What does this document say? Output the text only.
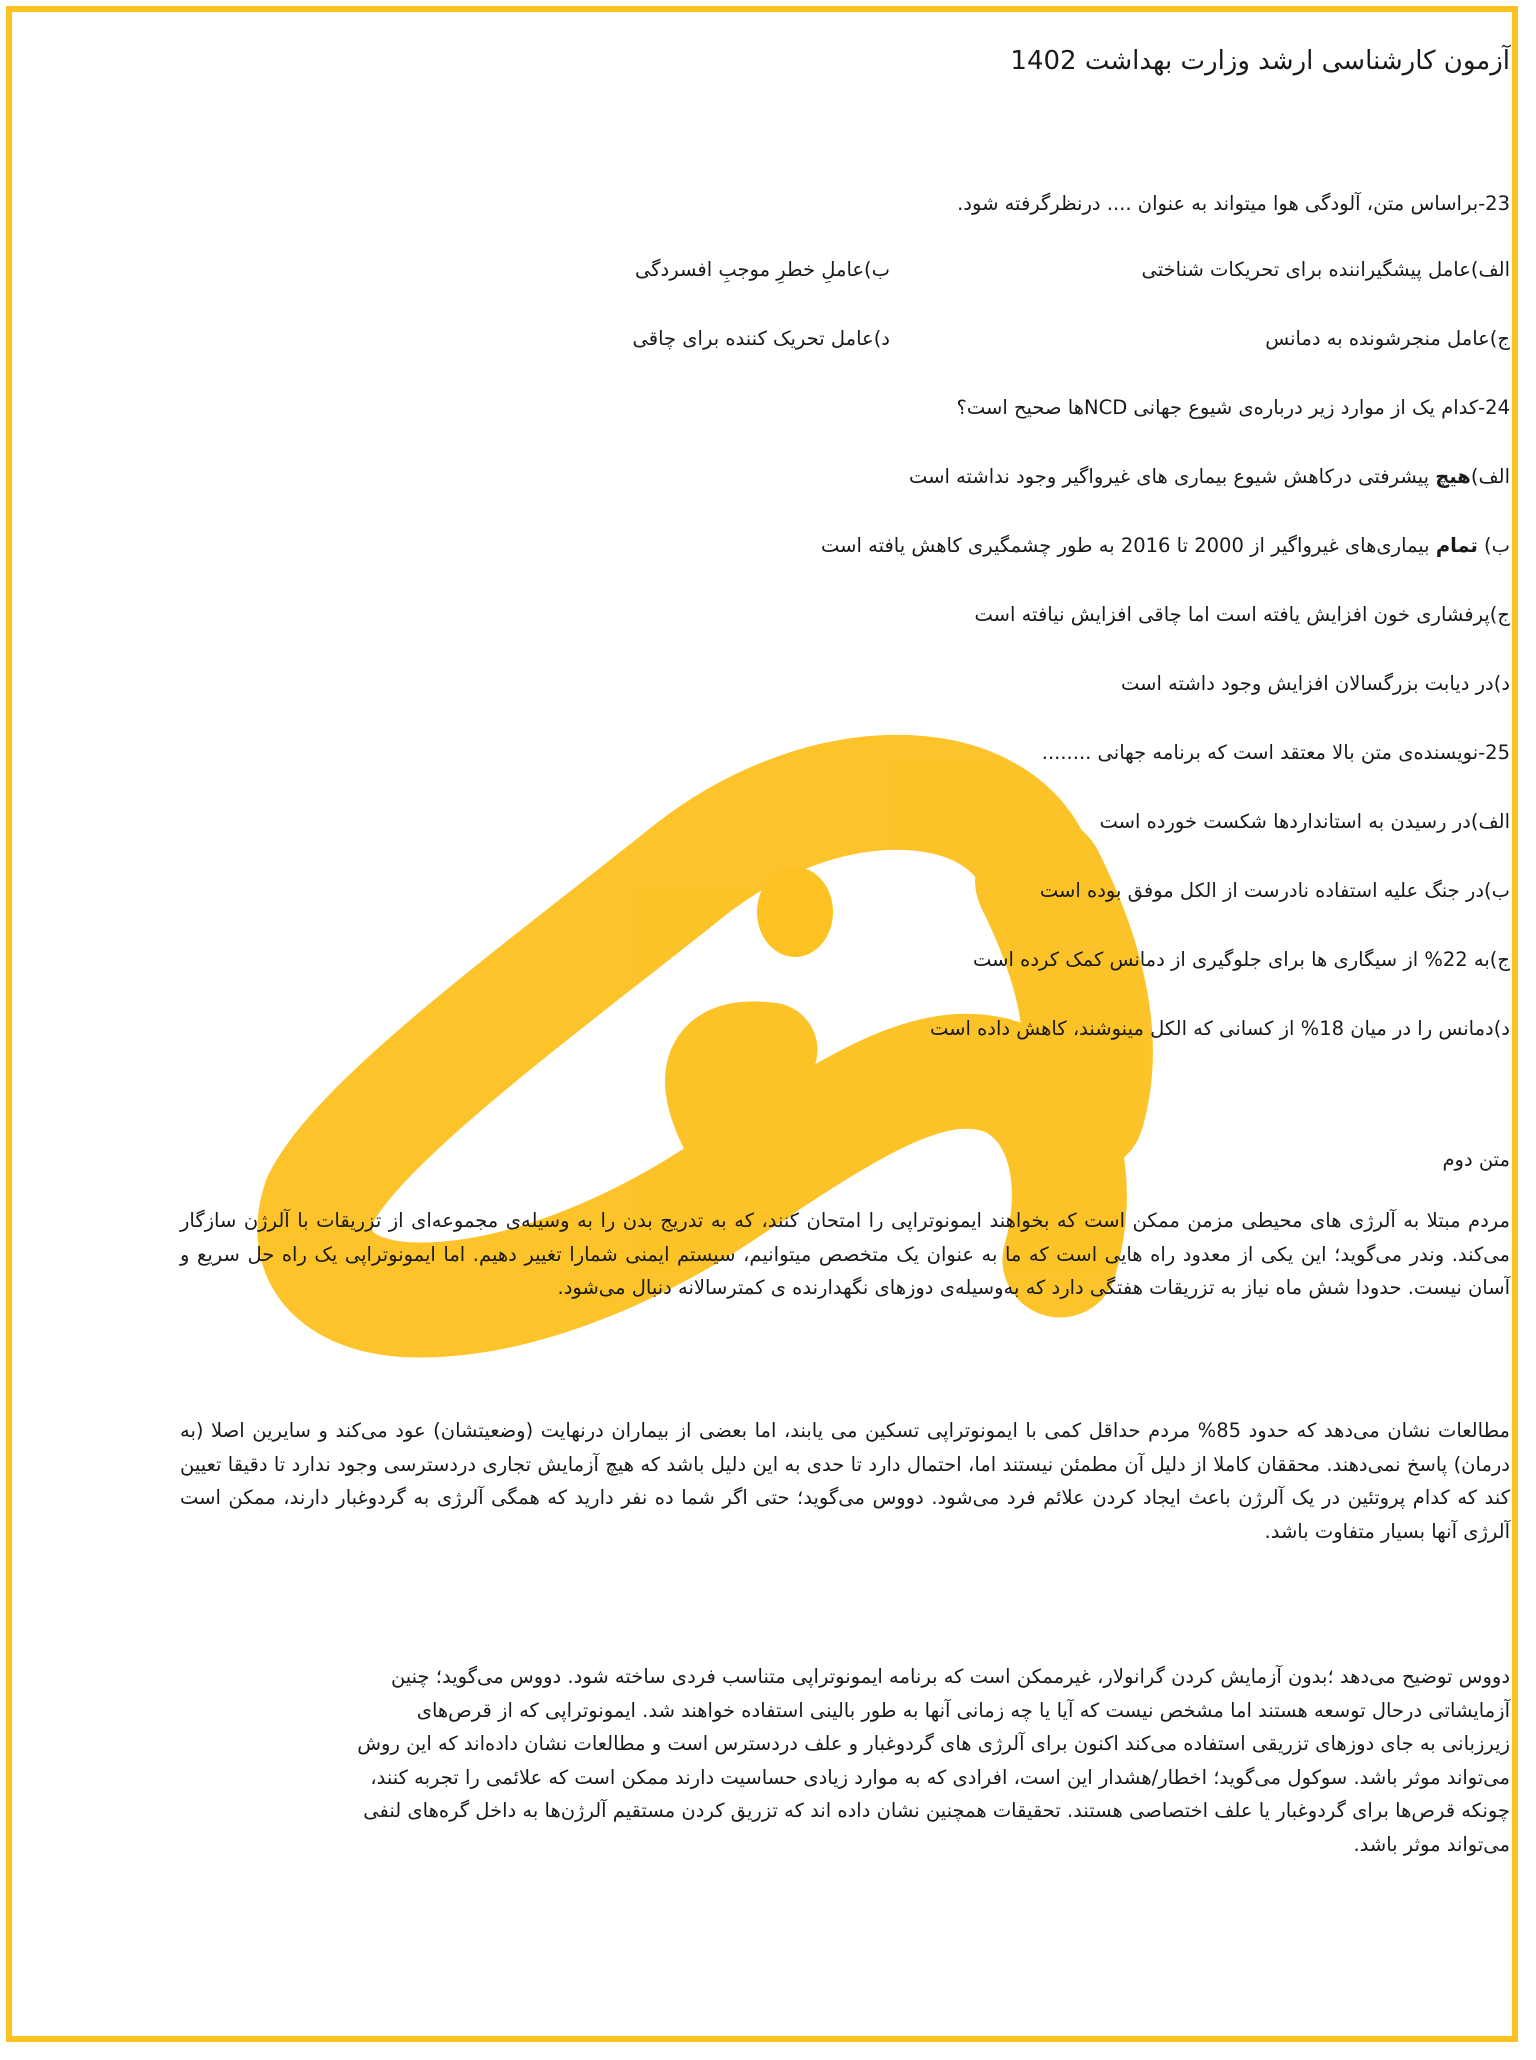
آزمون کارشناسی ارشد وزارت بهداشت 1402
23-براساس متن، آلودگی هوا میتواند به عنوان .... درنظرگرفته شود.
الف)عامل پیشگیراننده برای تحریکات شناختی
ب)عاملِ خطرِ موجبِ افسردگی
ج)عامل منجرشونده به دمانس
د)عامل تحریک کننده برای چاقی
24-کدام یک از موارد زیر درباره‌ی شیوع جهانی NCDها صحیح است؟
الف)هیچ پیشرفتی درکاهش شیوع بیماری های غیرواگیر وجود نداشته است
ب) تمام بیماری‌های غیرواگیر از 2000 تا 2016 به طور چشمگیری کاهش یافته است
ج)پرفشاری خون افزایش یافته است اما چاقی افزایش نیافته است
د)در دیابت بزرگسالان افزایش وجود داشته است
25-نویسنده‌ی متن بالا معتقد است که برنامه جهانی ........
الف)در رسیدن به استانداردها شکست خورده است
ب)در جنگ علیه استفاده نادرست از الکل موفق بوده است
ج)به 22% از سیگاری ها برای جلوگیری از دمانس کمک کرده است
د)دمانس را در میان 18% از کسانی که الکل مینوشند، کاهش داده است
متن دوم
مردم مبتلا به آلرژی های محیطی مزمن ممکن است که بخواهند ایمونوتراپی را امتحان کنند، که به تدریج بدن را به وسیله‌ی مجموعه‌ای از تزریقات با آلرژن سازگار می‌کند. وندر می‌گوید؛ این یکی از معدود راه هایی است که ما به عنوان یک متخصص میتوانیم، سیستم ایمنی شمارا تغییر دهیم. اما ایمونوتراپی یک راه حل سریع و آسان نیست. حدودا شش ماه نیاز به تزریقات هفتگی دارد که به‌وسیله‌ی دوزهای نگهدارنده ی کمترسالانه دنبال می‌شود.
مطالعات نشان می‌دهد که حدود 85% مردم حداقل کمی با ایمونوتراپی تسکین می یابند، اما بعضی از بیماران درنهایت (وضعیتشان) عود می‌کند و سایرین اصلا (به درمان) پاسخ نمی‌دهند. محققان کاملا از دلیل آن مطمئن نیستند اما، احتمال دارد تا حدی به این دلیل باشد که هیچ آزمایش تجاری دردسترسی وجود ندارد تا دقیقا تعیین کند که کدام پروتئین در یک آلرژن باعث ایجاد کردن علائم فرد می‌شود. دووس می‌گوید؛ حتی اگر شما ده نفر دارید که همگی آلرژی به گردوغبار دارند، ممکن است آلرژی آنها بسیار متفاوت باشد.
دووس توضیح می‌دهد ؛بدون آزمایش کردن گرانولار، غیرممکن است که برنامه ایمونوتراپی متناسب فردی ساخته شود. دووس می‌گوید؛ چنین آزمایشاتی درحال توسعه هستند اما مشخص نیست که آیا یا چه زمانی آنها به طور بالینی استفاده خواهند شد. ایمونوتراپی که از قرص‌های زیرزبانی به جای دوزهای تزریقی استفاده می‌کند اکنون برای آلرژی های گردوغبار و علف دردسترس است و مطالعات نشان داده‌اند که این روش می‌تواند موثر باشد. سوکول می‌گوید؛ اخطار/هشدار این است، افرادی که به موارد زیادی حساسیت دارند ممکن است که علائمی را تجربه کنند، چونکه قرص‌ها برای گردوغبار یا علف اختصاصی هستند. تحقیقات همچنین نشان داده اند که تزریق کردن مستقیم آلرژن‌ها به داخل گره‌های لنفی می‌تواند موثر باشد.
